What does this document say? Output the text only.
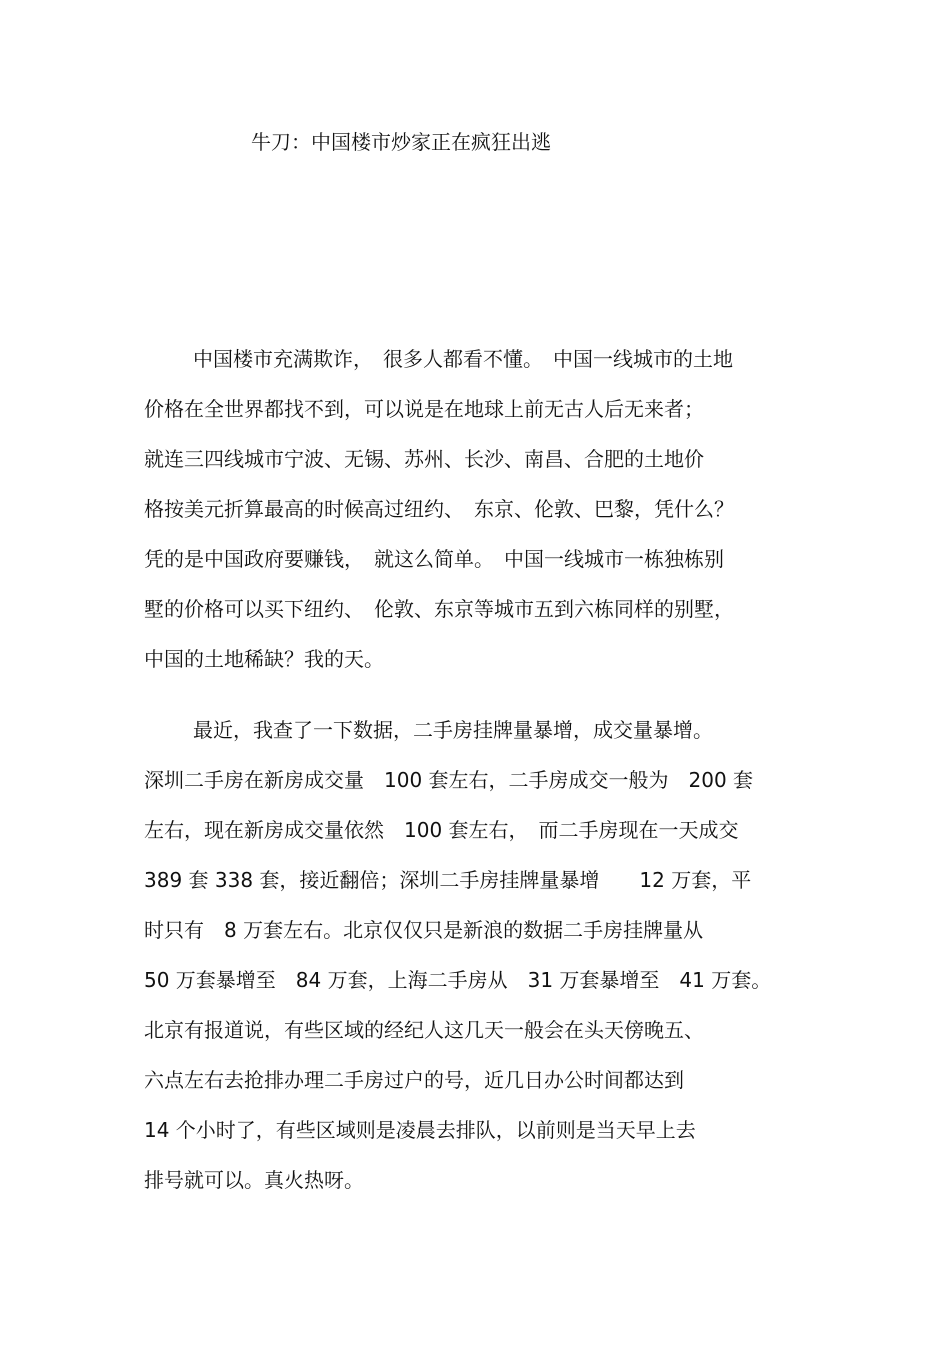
牛刀：中国楼市炒家正在疯狂出逃
中国楼市充满欺诈，　很多人都看不懂。　中国一线城市的土地
价格在全世界都找不到，可以说是在地球上前无古人后无来者；
就连三四线城市宁波、无锡、苏州、长沙、南昌、合肥的土地价
格按美元折算最高的时候高过纽约、　东京、伦敦、巴黎，凭什么？
凭的是中国政府要赚钱，　就这么简单。　中国一线城市一栋独栋别
墅的价格可以买下纽约、　伦敦、东京等城市五到六栋同样的别墅，
中国的土地稀缺？我的天。
最近，我查了一下数据，二手房挂牌量暴增，成交量暴增。
深圳二手房在新房成交量　100 套左右，二手房成交一般为　200 套
左右，现在新房成交量依然　100 套左右，　而二手房现在一天成交
389 套 338 套，接近翻倍；深圳二手房挂牌量暴增　　12 万套，平
时只有　8 万套左右。北京仅仅只是新浪的数据二手房挂牌量从
50 万套暴增至　84 万套，上海二手房从　31 万套暴增至　41 万套。
北京有报道说，有些区域的经纪人这几天一般会在头天傍晚五、
六点左右去抢排办理二手房过户的号，近几日办公时间都达到
14 个小时了，有些区域则是凌晨去排队，以前则是当天早上去
排号就可以。真火热呀。
